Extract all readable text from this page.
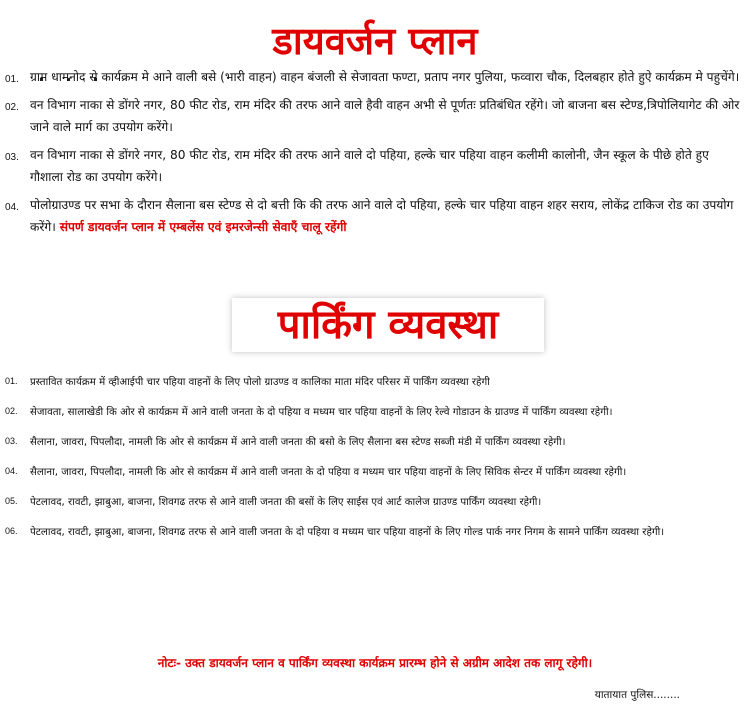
डायवर्जन प्लान
01. ग्राम धामनोद से कार्यक्रम मे आने वाली बसे (भारी वाहन) वाहन बंजली से सेजावता फण्टा, प्रताप नगर पुलिया, फव्वारा चौक, दिलबहार होते हुऐ कार्यक्रम मे पहुचेंगे।
02. वन विभाग नाका से डोंगरे नगर, 80 फीट रोड, राम मंदिर की तरफ आने वाले हैवी वाहन अभी से पूर्णतः प्रतिबंधित रहेंगे। जो बाजना बस स्टेण्ड,त्रिपोलियागेट की ओर जाने वाले मार्ग का उपयोग करेंगे।
03. वन विभाग नाका से डोंगरे नगर, 80 फीट रोड, राम मंदिर की तरफ आने वाले दो पहिया, हल्के चार पहिया वाहन कलीमी कालोनी, जैन स्कूल के पीछे होते हुए गौशाला रोड का उपयोग करेंगे।
04. पोलोग्राउण्ड पर सभा के दौरान सैलाना बस स्टेण्ड से दो बत्ती कि की तरफ आने वाले दो पहिया, हल्के चार पहिया वाहन शहर सराय, लोकेंद्र टाकिज रोड का उपयोग करेंगे। संपर्ण डायवर्जन प्लान में एम्बलेंस एवं इमरजेन्सी सेवाएँ चालू रहेंगी
पार्किंग व्यवस्था
01. प्रस्तावित कार्यक्रम में व्हीआईपी चार पहिया वाहनों के लिए पोलो ग्राउण्ड व कालिका माता मंदिर परिसर में पार्किंग व्यवस्था रहेगी
02. सेजावता, सालाखेडी कि ओर से कार्यक्रम में आने वाली जनता के दो पहिया व मध्यम चार पहिया वाहनों के लिए रेल्वे गोडाउन के ग्राउण्ड में पार्किंग व्यवस्था रहेगी।
03. सैलाना, जावरा, पिपलौदा, नामली कि ओर से कार्यक्रम में आने वाली जनता की बसो के लिए सैलाना बस स्टेण्ड सब्जी मंडी में पार्किंग व्यवस्था रहेगी।
04. सैलाना, जावरा, पिपलौदा, नामली कि ओर से कार्यक्रम में आने वाली जनता के दो पहिया व मध्यम चार पहिया वाहनों के लिए सिविक सेन्टर में पार्किंग व्यवस्था रहेगी।
05. पेटलावद, रावटी, झाबुआ, बाजना, शिवगढ तरफ से आने वाली जनता की बसों के लिए साईस एवं आर्ट कालेज ग्राउण्ड पार्किंग व्यवस्था रहेगी।
06. पेटलावद, रावटी, झाबुआ, बाजना, शिवगढ तरफ से आने वाली जनता के दो पहिया व मध्यम चार पहिया वाहनों के लिए गोल्ड पार्क नगर निगम के सामने पार्किंग व्यवस्था रहेगी।
नोटः- उक्त डायवर्जन प्लान व पार्किंग व्यवस्था कार्यक्रम प्रारम्भ होने से अग्रीम आदेश तक लागू रहेगी।
यातायात पुलिस........
